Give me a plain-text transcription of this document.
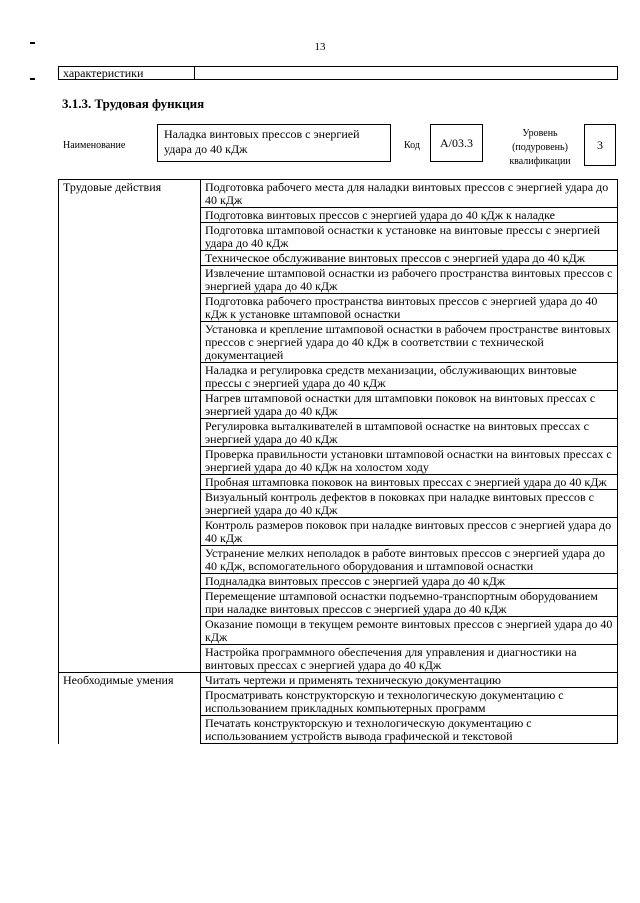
13
характеристики	
3.1.3. Трудовая функция
Наименование
Наладка винтовых прессов с энергией удара до 40 кДж	Код	A/03.3
Уровень (подуровень) квалификации
3
Трудовые действия	Подготовка рабочего места для наладки винтовых прессов с энергией удара до 40 кДж
	Подготовка винтовых прессов с энергией удара до 40 кДж к наладке
	Подготовка штамповой оснастки к установке на винтовые прессы с энергией удара до 40 кДж
	Техническое обслуживание винтовых прессов с энергией удара до 40 кДж
	Извлечение штамповой оснастки из рабочего пространства винтовых прессов с энергией удара до 40 кДж
	Подготовка рабочего пространства винтовых прессов с энергией удара до 40 кДж к установке штамповой оснастки
	Установка и крепление штамповой оснастки в рабочем пространстве винтовых прессов с энергией удара до 40 кДж в соответствии с технической документацией
	Наладка и регулировка средств механизации, обслуживающих винтовые прессы с энергией удара до 40 кДж
	Нагрев штамповой оснастки для штамповки поковок на винтовых прессах с энергией удара до 40 кДж
	Регулировка выталкивателей в штамповой оснастке на винтовых прессах с энергией удара до 40 кДж
	Проверка правильности установки штамповой оснастки на винтовых прессах с энергией удара до 40 кДж на холостом ходу
	Пробная штамповка поковок на винтовых прессах с энергией удара до 40 кДж
	Визуальный контроль дефектов в поковках при наладке винтовых прессов с энергией удара до 40 кДж
	Контроль размеров поковок при наладке винтовых прессов с энергией удара до 40 кДж
	Устранение мелких неполадок в работе винтовых прессов с энергией удара до 40 кДж, вспомогательного оборудования и штамповой оснастки
	Подналадка винтовых прессов с энергией удара до 40 кДж
	Перемещение штамповой оснастки подъемно-транспортным оборудованием при наладке винтовых прессов с энергией удара до 40 кДж
	Оказание помощи в текущем ремонте винтовых прессов с энергией удара до 40 кДж
	Настройка программного обеспечения для управления и диагностики на винтовых прессах с энергией удара до 40 кДж
Необходимые умения	Читать чертежи и применять техническую документацию
	Просматривать конструкторскую и технологическую документацию с использованием прикладных компьютерных программ
	Печатать конструкторскую и технологическую документацию с использованием устройств вывода графической и текстовой
